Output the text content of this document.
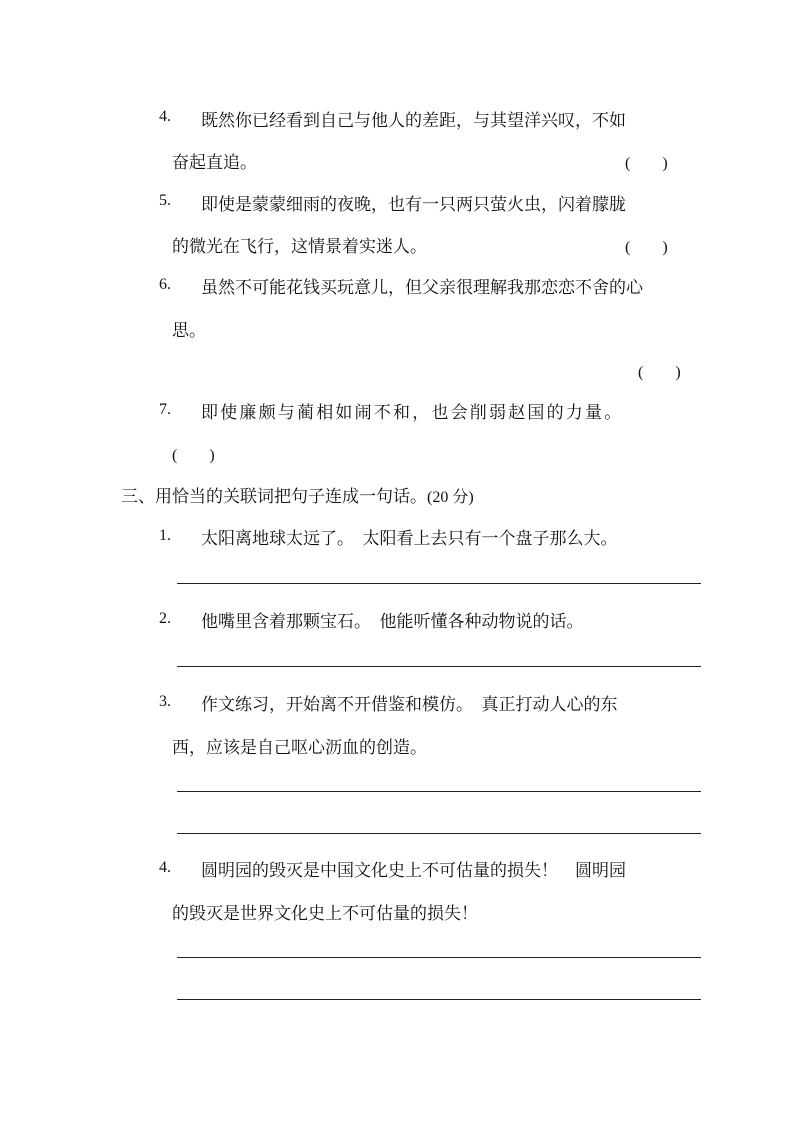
4. 既然你已经看到自己与他人的差距，与其望洋兴叹，不如
奋起直追。	(　　)
5. 即使是蒙蒙细雨的夜晚，也有一只两只萤火虫，闪着朦胧
的微光在飞行，这情景着实迷人。	(　　)
6. 虽然不可能花钱买玩意儿，但父亲很理解我那恋恋不舍的心
思。
(　　)
7. 即使廉颇与蔺相如闹不和，也会削弱赵国的力量。
(　　)
三、用恰当的关联词把句子连成一句话。(20 分)
1. 太阳离地球太远了。　太阳看上去只有一个盘子那么大。
2. 他嘴里含着那颗宝石。　他能听懂各种动物说的话。
3. 作文练习，开始离不开借鉴和模仿。　真正打动人心的东
西，应该是自己呕心沥血的创造。
4. 圆明园的毁灭是中国文化史上不可估量的损失！　圆明园
的毁灭是世界文化史上不可估量的损失！
